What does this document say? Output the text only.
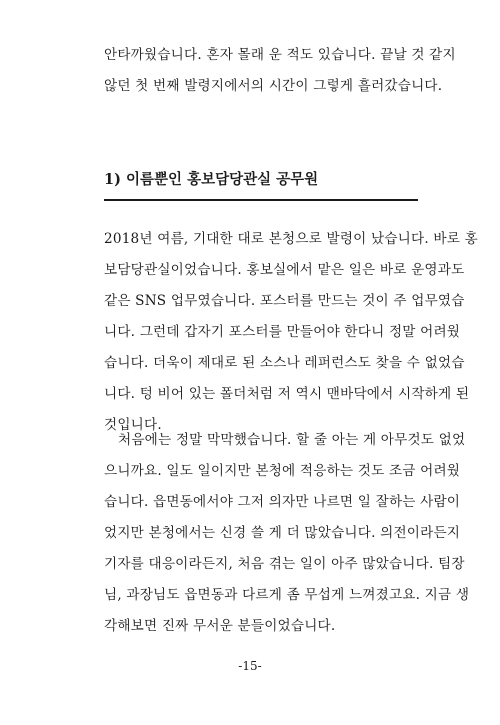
안타까웠습니다. 혼자 몰래 운 적도 있습니다. 끝날 것 같지
않던 첫 번째 발령지에서의 시간이 그렇게 흘러갔습니다.

1) 이름뿐인 홍보담당관실 공무원

2018년 여름, 기대한 대로 본청으로 발령이 났습니다. 바로 홍
보담당관실이었습니다. 홍보실에서 맡은 일은 바로 운영과도
같은 SNS 업무였습니다. 포스터를 만드는 것이 주 업무였습
니다. 그런데 갑자기 포스터를 만들어야 한다니 정말 어려웠
습니다. 더욱이 제대로 된 소스나 레퍼런스도 찾을 수 없었습
니다. 텅 비어 있는 폴더처럼 저 역시 맨바닥에서 시작하게 된
것입니다.

처음에는 정말 막막했습니다. 할 줄 아는 게 아무것도 없었
으니까요. 일도 일이지만 본청에 적응하는 것도 조금 어려웠
습니다. 읍면동에서야 그저 의자만 나르면 일 잘하는 사람이
었지만 본청에서는 신경 쓸 게 더 많았습니다. 의전이라든지
기자를 대응이라든지, 처음 겪는 일이 아주 많았습니다. 팀장
님, 과장님도 읍면동과 다르게 좀 무섭게 느껴졌고요. 지금 생
각해보면 진짜 무서운 분들이었습니다.

-15-
